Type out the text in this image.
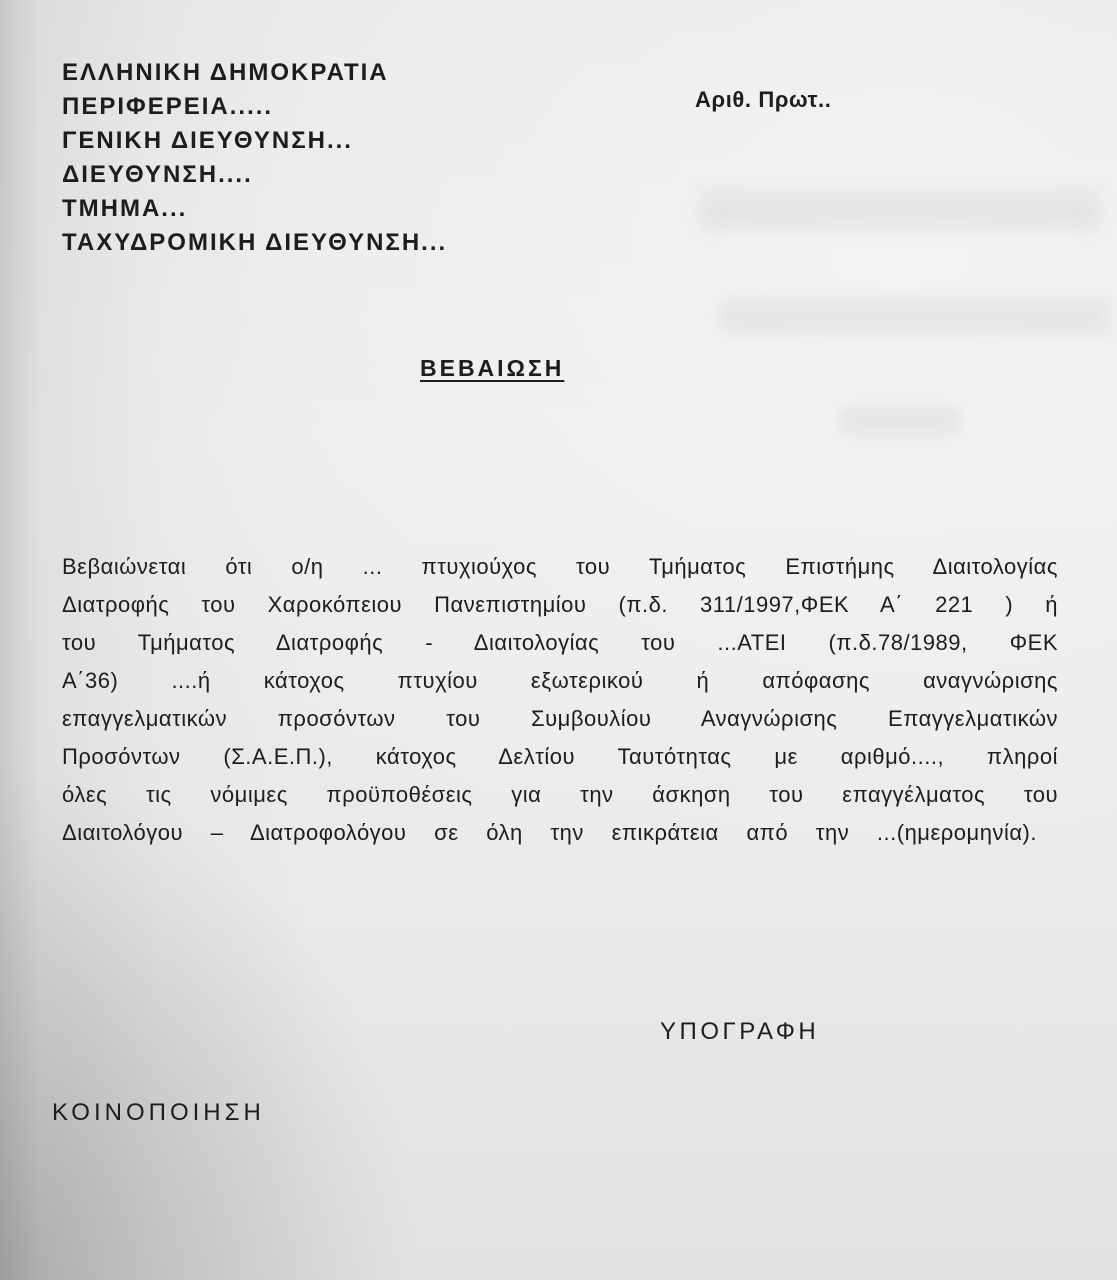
ΕΛΛΗΝΙΚΗ ΔΗΜΟΚΡΑΤΙΑ
ΠΕΡΙΦΕΡΕΙΑ.....
ΓΕΝΙΚΗ ΔΙΕΥΘΥΝΣΗ...
ΔΙΕΥΘΥΝΣΗ....
ΤΜΗΜΑ...
ΤΑΧΥΔΡΟΜΙΚΗ ΔΙΕΥΘΥΝΣΗ...
Αριθ. Πρωτ..
ΒΕΒΑΙΩΣΗ
Βεβαιώνεται ότι ο/η ... πτυχιούχος του Τμήματος Επιστήμης Διαιτολογίας
Διατροφής του Χαροκόπειου Πανεπιστημίου (π.δ. 311/1997,ΦΕΚ Α΄ 221 ) ή
του Τμήματος Διατροφής - Διαιτολογίας του ...ΑΤΕΙ (π.δ.78/1989, ΦΕΚ
Α΄36) ....ή κάτοχος πτυχίου εξωτερικού ή απόφασης αναγνώρισης
επαγγελματικών προσόντων του Συμβουλίου Αναγνώρισης Επαγγελματικών
Προσόντων (Σ.Α.Ε.Π.), κάτοχος Δελτίου Ταυτότητας με αριθμό...., πληροί
όλες τις νόμιμες προϋποθέσεις για την άσκηση του επαγγέλματος του
Διαιτολόγου – Διατροφολόγου σε όλη την επικράτεια από την ...(ημερομηνία).
ΥΠΟΓΡΑΦΗ
ΚΟΙΝΟΠΟΙΗΣΗ
